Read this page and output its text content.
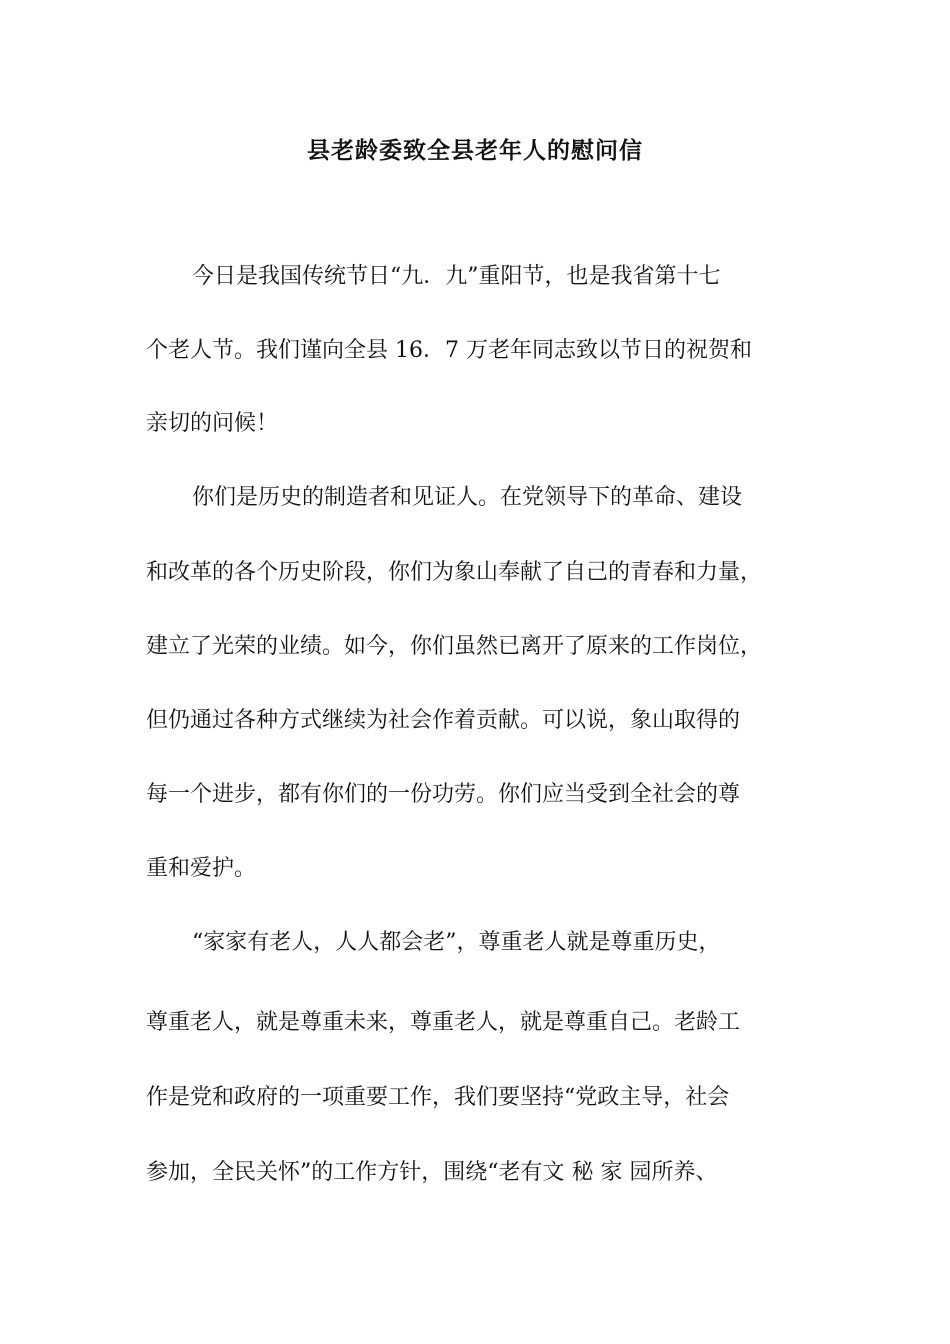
县老龄委致全县老年人的慰问信

今日是我国传统节日“九．九”重阳节，也是我省第十七

个老人节。我们谨向全县 16．7 万老年同志致以节日的祝贺和

亲切的问候！

你们是历史的制造者和见证人。在党领导下的革命、建设

和改革的各个历史阶段，你们为象山奉献了自己的青春和力量，

建立了光荣的业绩。如今，你们虽然已离开了原来的工作岗位，

但仍通过各种方式继续为社会作着贡献。可以说，象山取得的

每一个进步，都有你们的一份功劳。你们应当受到全社会的尊

重和爱护。

“家家有老人，人人都会老”，尊重老人就是尊重历史，

尊重老人，就是尊重未来，尊重老人，就是尊重自己。老龄工

作是党和政府的一项重要工作，我们要坚持“党政主导，社会

参加，全民关怀”的工作方针，围绕“老有文 秘 家 园所养、
